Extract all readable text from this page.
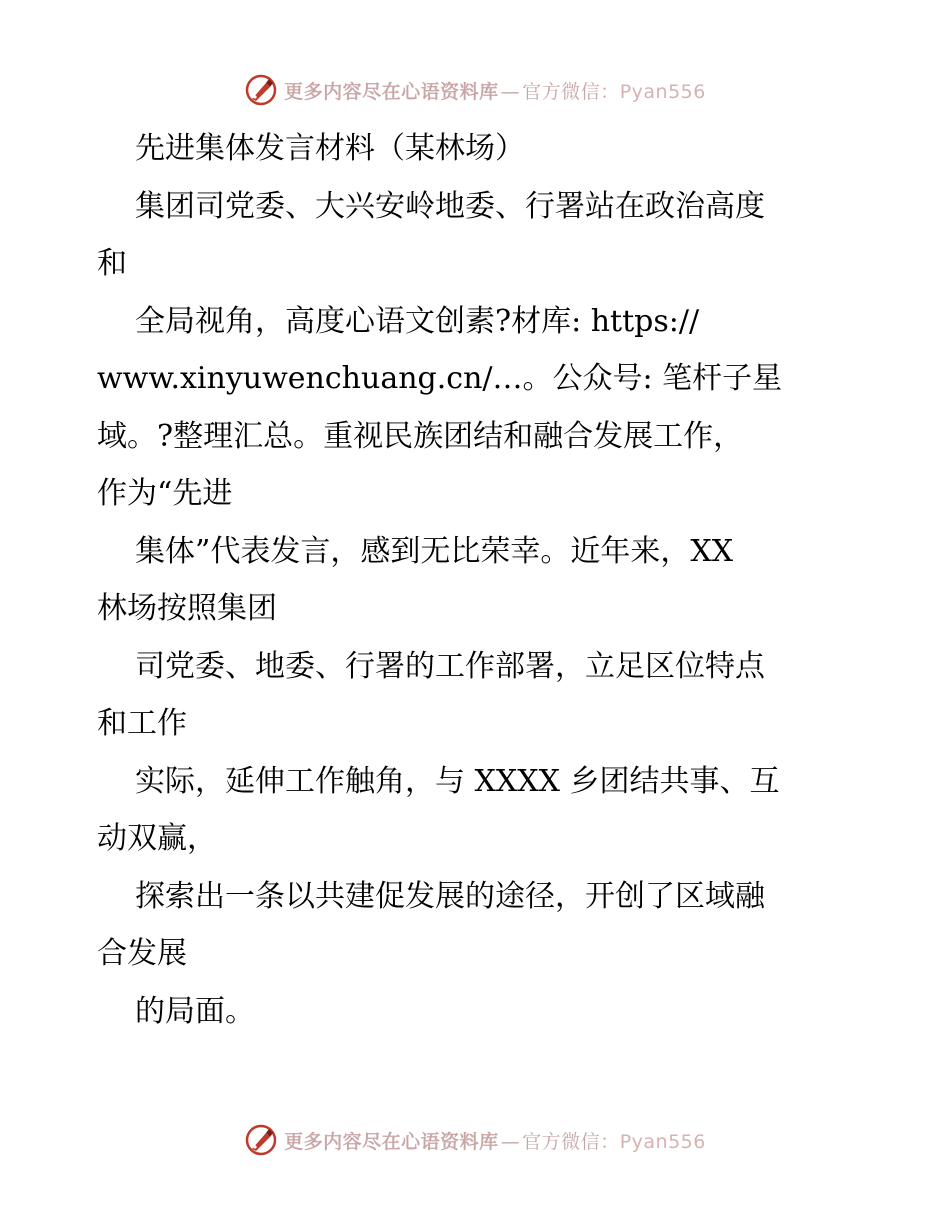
更多内容尽在心语资料库 — 官方微信：Pyan556
先进集体发言材料（某林场）
集团司党委、大兴安岭地委、行署站在政治高度
和
全局视角，高度心语文创素?材库: https://
www.xinyuwenchuang.cn/…。公众号: 笔杆子星
域。?整理汇总。重视民族团结和融合发展工作，
作为“先进
集体”代表发言，感到无比荣幸。近年来，XX
林场按照集团
司党委、地委、行署的工作部署，立足区位特点
和工作
实际，延伸工作触角，与 XXXX 乡团结共事、互
动双赢，
探索出一条以共建促发展的途径，开创了区域融
合发展
的局面。
更多内容尽在心语资料库 — 官方微信：Pyan556
